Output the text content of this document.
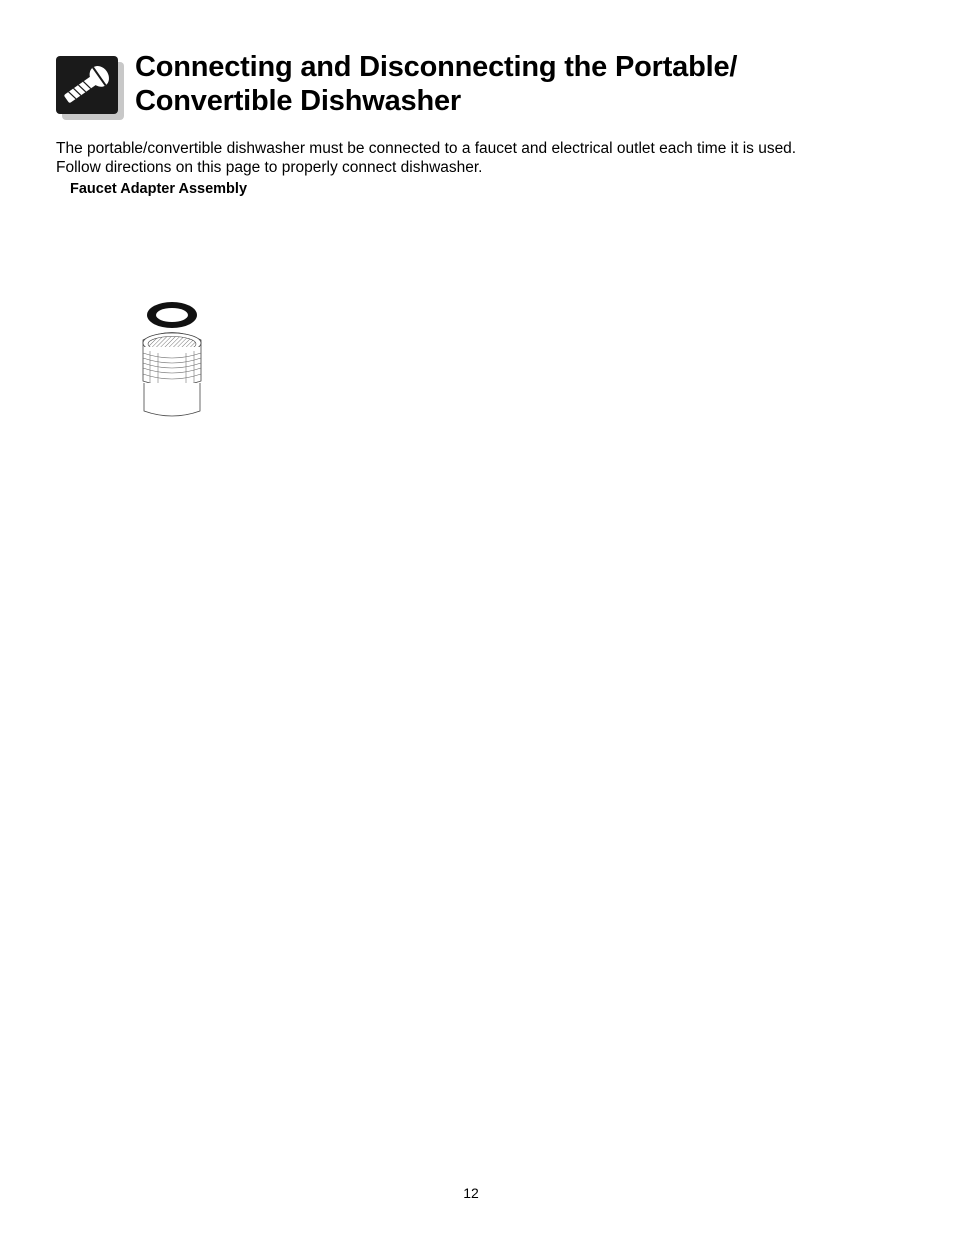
Connecting and Disconnecting the Portable/
Convertible Dishwasher

The portable/convertible dishwasher must be connected to a faucet and electrical outlet each time it is used.
Follow directions on this page to properly connect dishwasher.

Faucet Adapter Assembly

12
